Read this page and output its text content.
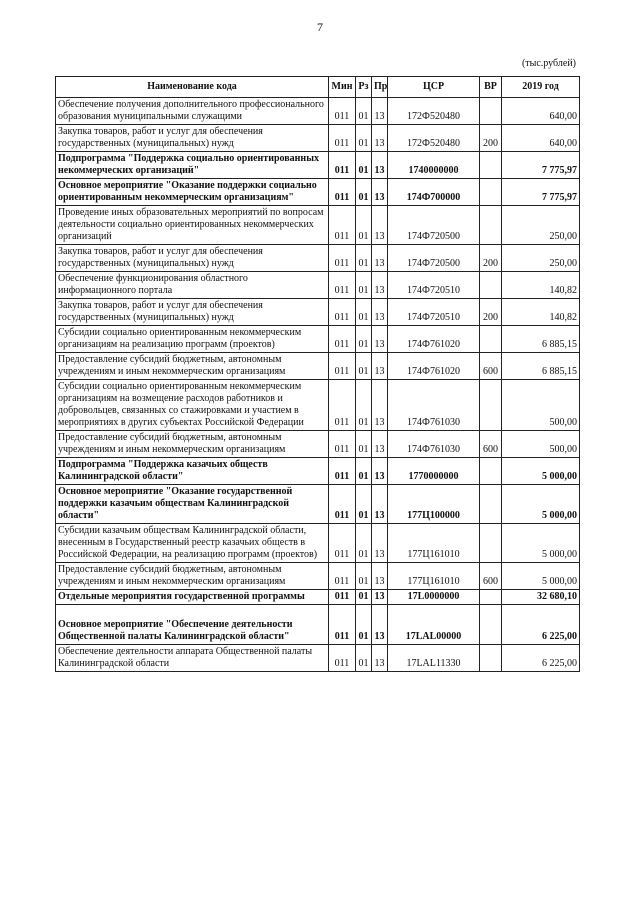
7
(тыс.рублей)
Наименование кода	Мин	Рз	Пр	ЦСР	ВР	2019 год
Обеспечение получения дополнительного профессионального образования муниципальными служащими	011	01	13	172Ф520480		640,00
Закупка товаров, работ и услуг для обеспечения государственных (муниципальных) нужд	011	01	13	172Ф520480	200	640,00
Подпрограмма "Поддержка социально ориентированных некоммерческих организаций"	011	01	13	1740000000		7 775,97
Основное мероприятие "Оказание поддержки социально ориентированным некоммерческим организациям"	011	01	13	174Ф700000		7 775,97
Проведение иных образовательных мероприятий по вопросам деятельности социально ориентированных некоммерческих организаций	011	01	13	174Ф720500		250,00
Закупка товаров, работ и услуг для обеспечения государственных (муниципальных) нужд	011	01	13	174Ф720500	200	250,00
Обеспечение функционирования областного информационного портала	011	01	13	174Ф720510		140,82
Закупка товаров, работ и услуг для обеспечения государственных (муниципальных) нужд	011	01	13	174Ф720510	200	140,82
Субсидии социально ориентированным некоммерческим организациям на реализацию программ (проектов)	011	01	13	174Ф761020		6 885,15
Предоставление субсидий бюджетным, автономным учреждениям и иным некоммерческим организациям	011	01	13	174Ф761020	600	6 885,15
Субсидии социально ориентированным некоммерческим организациям на возмещение расходов работников и добровольцев, связанных со стажировками и участием в мероприятиях в других субъектах Российской Федерации	011	01	13	174Ф761030		500,00
Предоставление субсидий бюджетным, автономным учреждениям и иным некоммерческим организациям	011	01	13	174Ф761030	600	500,00
Подпрограмма "Поддержка казачьих обществ Калининградской области"	011	01	13	1770000000		5 000,00
Основное мероприятие "Оказание государственной поддержки казачьим обществам Калининградской области"	011	01	13	177Ц100000		5 000,00
Субсидии казачьим обществам Калининградской области, внесенным в Государственный реестр казачьих обществ в Российской Федерации, на реализацию программ (проектов)	011	01	13	177Ц161010		5 000,00
Предоставление субсидий бюджетным, автономным учреждениям и иным некоммерческим организациям	011	01	13	177Ц161010	600	5 000,00
Отдельные мероприятия государственной программы	011	01	13	17L0000000		32 680,10
Основное мероприятие "Обеспечение деятельности Общественной палаты Калининградской области"	011	01	13	17LAL00000		6 225,00
Обеспечение деятельности аппарата Общественной палаты Калининградской области	011	01	13	17LAL11330		6 225,00
